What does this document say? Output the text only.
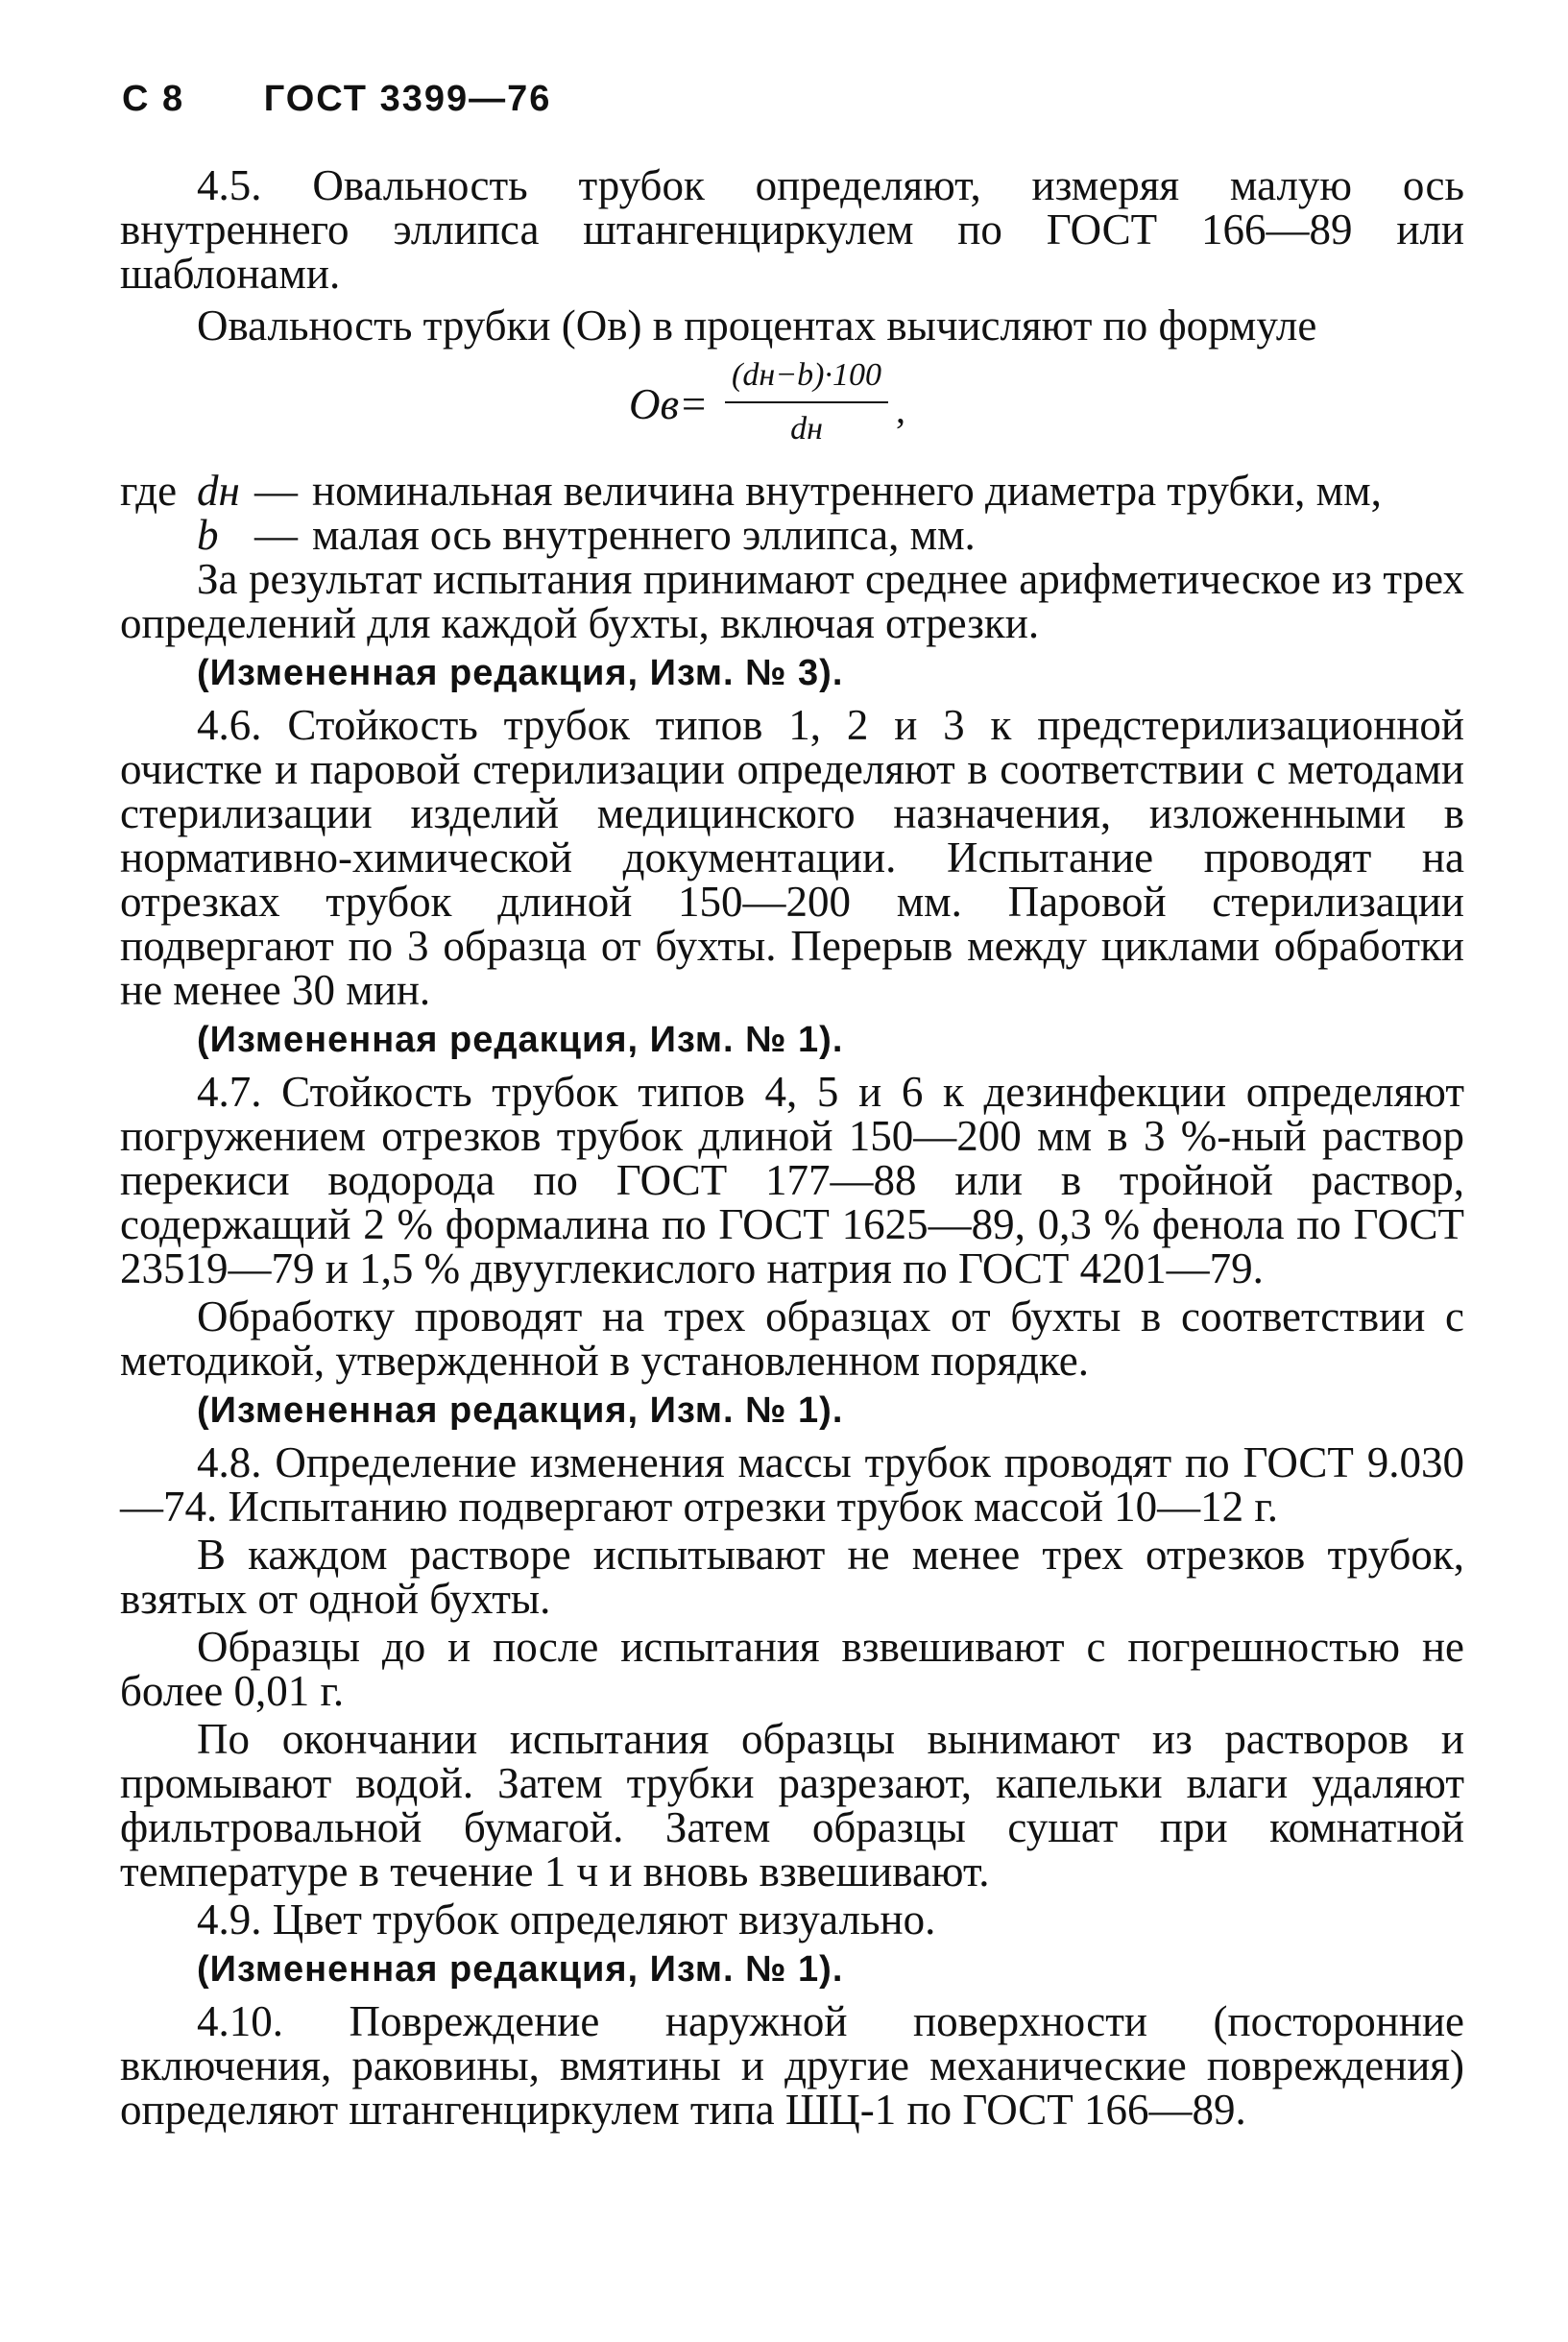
С 8 ГОСТ 3399—76

4.5. Овальность трубок определяют, измеряя малую ось внутреннего эллипса штангенциркулем по ГОСТ 166—89 или шаблонами.

Овальность трубки (Ов) в процентах вычисляют по формуле

Ов=
(dн−b)·100
dн	,
где dн — номинальная величина внутреннего диаметра трубки, мм,
b — малая ось внутреннего эллипса, мм.

За результат испытания принимают среднее арифметическое из трех определений для каждой бухты, включая отрезки.

(Измененная редакция, Изм. № 3).

4.6. Стойкость трубок типов 1, 2 и 3 к предстерилизационной очистке и паровой стерилизации определяют в соответствии с методами стерилизации изделий медицинского назначения, изложенными в нормативно-химической документации. Испытание проводят на отрезках трубок длиной 150—200 мм. Паровой стерилизации подвергают по 3 образца от бухты. Перерыв между циклами обработки не менее 30 мин.

(Измененная редакция, Изм. № 1).

4.7. Стойкость трубок типов 4, 5 и 6 к дезинфекции определяют погружением отрезков трубок длиной 150—200 мм в 3 %-ный раствор перекиси водорода по ГОСТ 177—88 или в тройной раствор, содержащий 2 % формалина по ГОСТ 1625—89, 0,3 % фенола по ГОСТ 23519—79 и 1,5 % двууглекислого натрия по ГОСТ 4201—79.

Обработку проводят на трех образцах от бухты в соответствии с методикой, утвержденной в установленном порядке.

(Измененная редакция, Изм. № 1).

4.8. Определение изменения массы трубок проводят по ГОСТ 9.030—74. Испытанию подвергают отрезки трубок массой 10—12 г.

В каждом растворе испытывают не менее трех отрезков трубок, взятых от одной бухты.

Образцы до и после испытания взвешивают с погрешностью не более 0,01 г.

По окончании испытания образцы вынимают из растворов и промывают водой. Затем трубки разрезают, капельки влаги удаляют фильтровальной бумагой. Затем образцы сушат при комнатной температуре в течение 1 ч и вновь взвешивают.

4.9. Цвет трубок определяют визуально.

(Измененная редакция, Изм. № 1).

4.10. Повреждение наружной поверхности (посторонние включения, раковины, вмятины и другие механические повреждения) определяют штангенциркулем типа ШЦ-1 по ГОСТ 166—89.
